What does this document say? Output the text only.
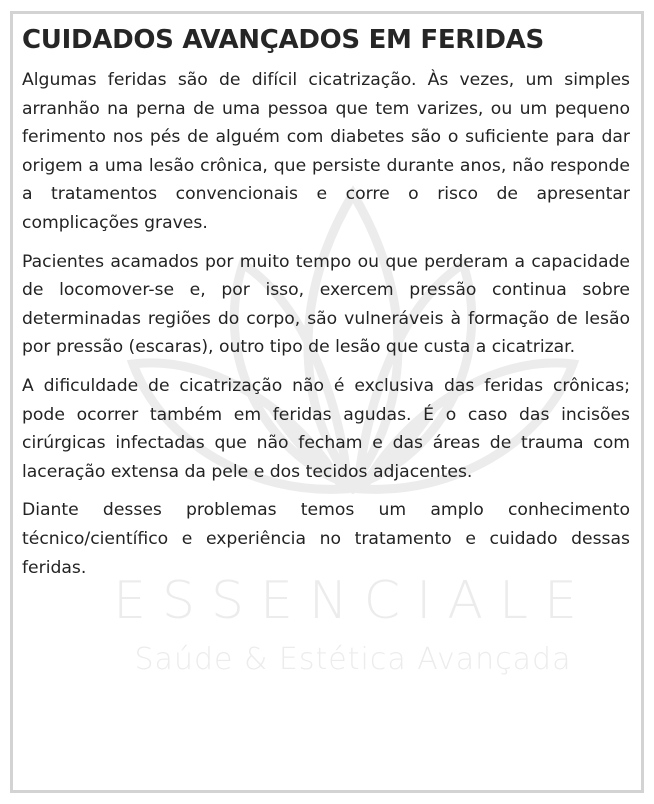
ESSENCIALE
Saúde & Estética Avançada
CUIDADOS AVANÇADOS EM FERIDAS

Algumas feridas são de difícil cicatrização. Às vezes, um simples arranhão na perna de uma pessoa que tem varizes, ou um pequeno ferimento nos pés de alguém com diabetes são o suficiente para dar origem a uma lesão crônica, que persiste durante anos, não responde a tratamentos convencionais e corre o risco de apresentar complicações graves.

Pacientes acamados por muito tempo ou que perderam a capacidade de locomover-se e, por isso, exercem pressão continua sobre determinadas regiões do corpo, são vulneráveis à formação de lesão por pressão (escaras), outro tipo de lesão que custa a cicatrizar.

A dificuldade de cicatrização não é exclusiva das feridas crônicas; pode ocorrer também em feridas agudas. É o caso das incisões cirúrgicas infectadas que não fecham e das áreas de trauma com laceração extensa da pele e dos tecidos adjacentes.

Diante desses problemas temos um amplo conhecimento técnico/científico e experiência no tratamento e cuidado dessas feridas.
